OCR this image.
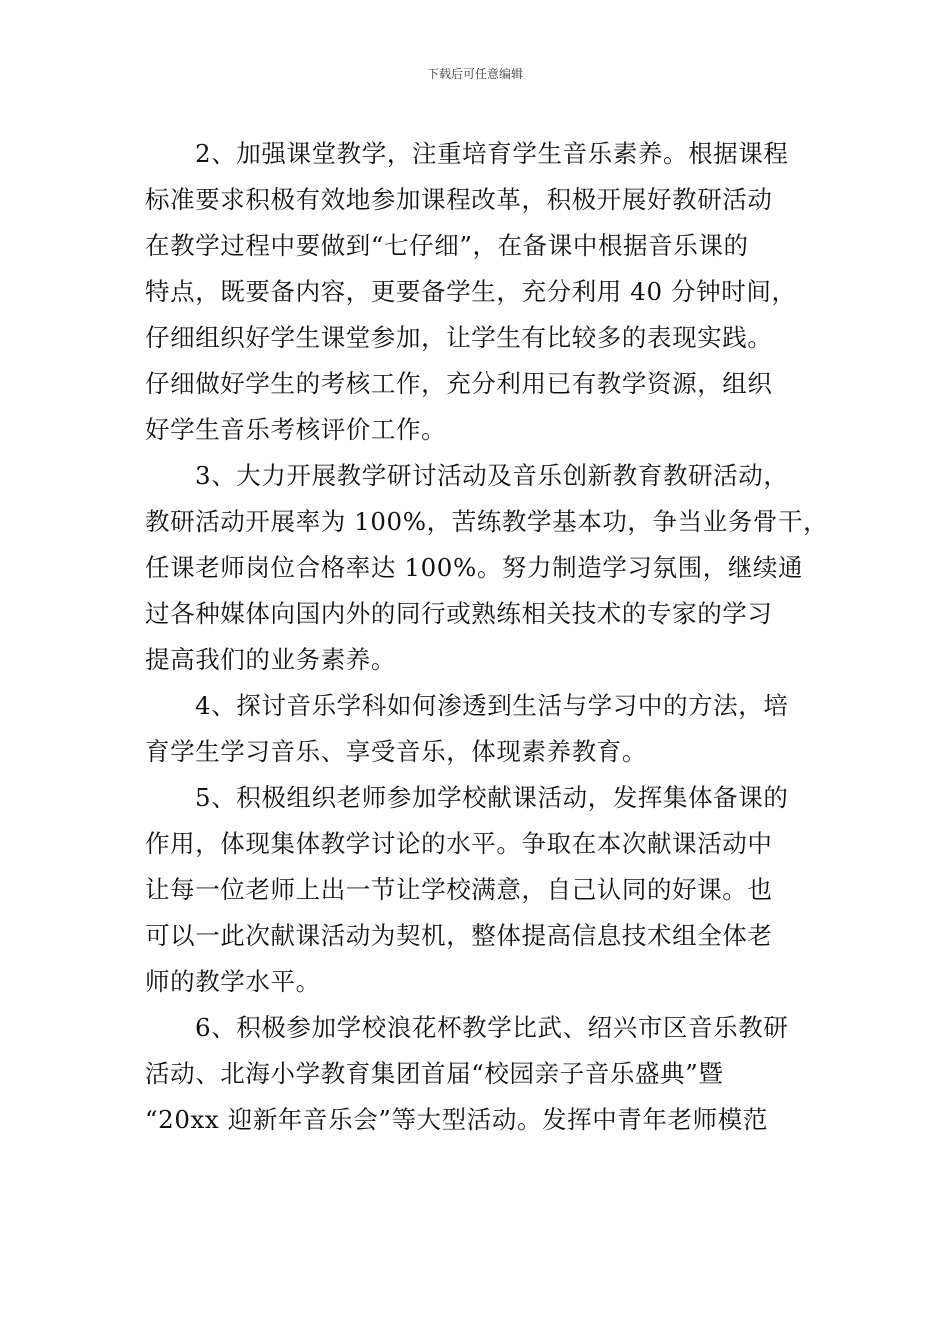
下载后可任意编辑
2、加强课堂教学，注重培育学生音乐素养。根据课程
标准要求积极有效地参加课程改革，积极开展好教研活动
在教学过程中要做到“七仔细”，在备课中根据音乐课的
特点，既要备内容，更要备学生，充分利用 40 分钟时间，
仔细组织好学生课堂参加，让学生有比较多的表现实践。
仔细做好学生的考核工作，充分利用已有教学资源，组织
好学生音乐考核评价工作。
3、大力开展教学研讨活动及音乐创新教育教研活动，
教研活动开展率为 100%，苦练教学基本功，争当业务骨干，
任课老师岗位合格率达 100%。努力制造学习氛围，继续通
过各种媒体向国内外的同行或熟练相关技术的专家的学习
提高我们的业务素养。
4、探讨音乐学科如何渗透到生活与学习中的方法，培
育学生学习音乐、享受音乐，体现素养教育。
5、积极组织老师参加学校献课活动，发挥集体备课的
作用，体现集体教学讨论的水平。争取在本次献课活动中
让每一位老师上出一节让学校满意，自己认同的好课。也
可以一此次献课活动为契机，整体提高信息技术组全体老
师的教学水平。
6、积极参加学校浪花杯教学比武、绍兴市区音乐教研
活动、北海小学教育集团首届“校园亲子音乐盛典”暨
“20xx 迎新年音乐会”等大型活动。发挥中青年老师模范
